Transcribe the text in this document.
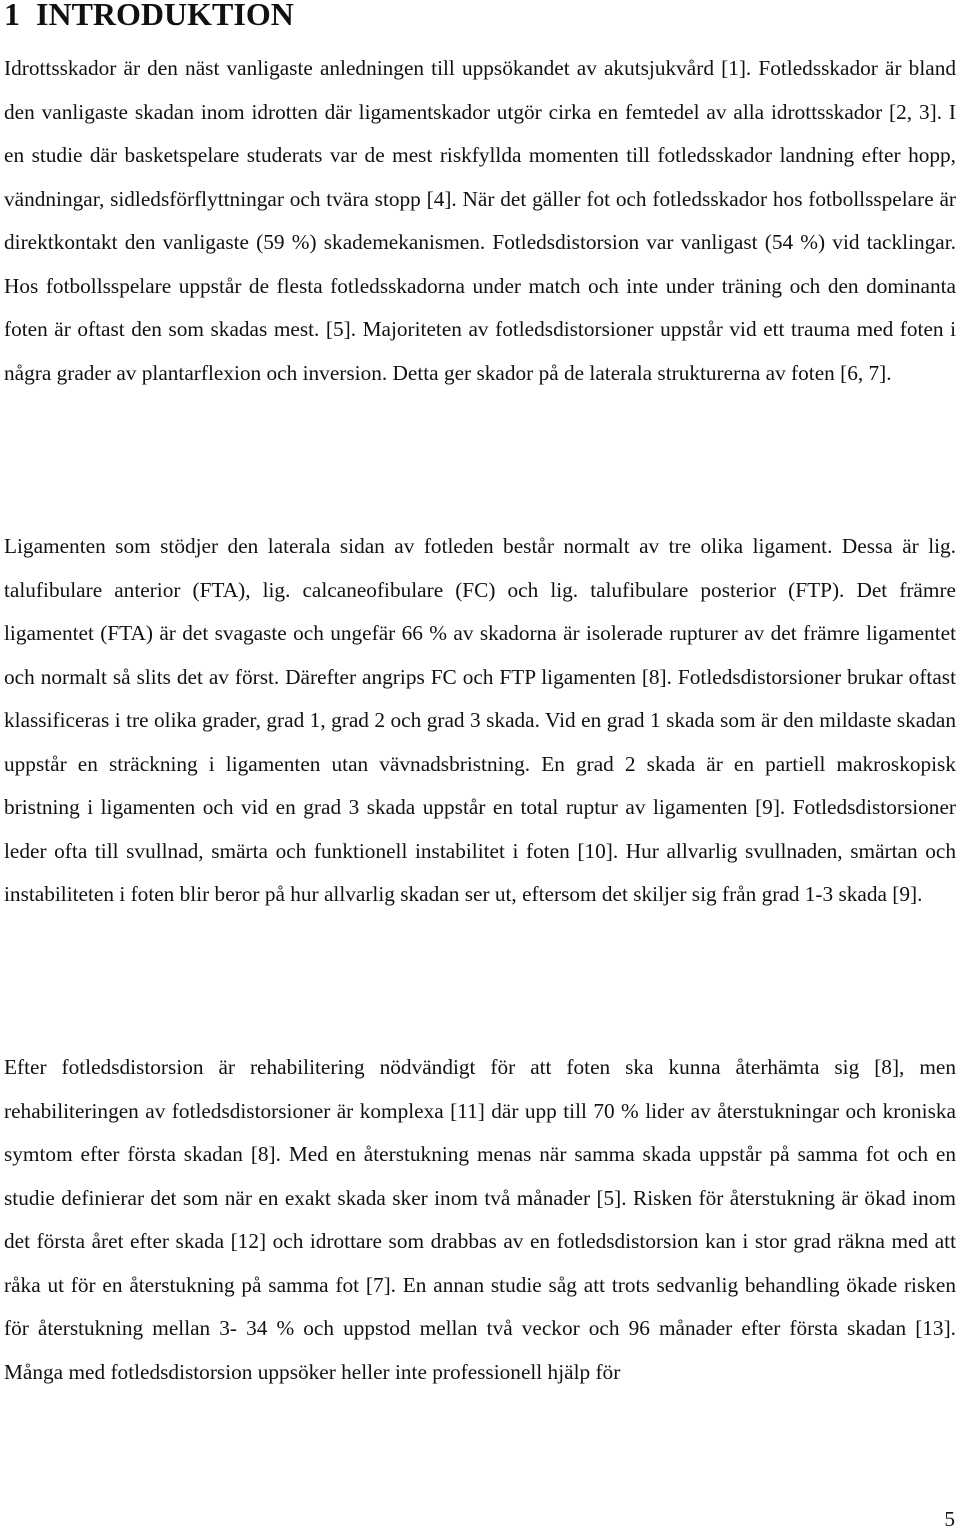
1 INTRODUKTION

Idrottsskador är den näst vanligaste anledningen till uppsökandet av akutsjukvård [1]. Fotledsskador är bland den vanligaste skadan inom idrotten där ligamentskador utgör cirka en femtedel av alla idrottsskador [2, 3]. I en studie där basketspelare studerats var de mest riskfyllda momenten till fotledsskador landning efter hopp, vändningar, sidledsförflyttningar och tvära stopp [4]. När det gäller fot och fotledsskador hos fotbollsspelare är direktkontakt den vanligaste (59 %) skademekanismen. Fotledsdistorsion var vanligast (54 %) vid tacklingar. Hos fotbollsspelare uppstår de flesta fotledsskadorna under match och inte under träning och den dominanta foten är oftast den som skadas mest. [5]. Majoriteten av fotledsdistorsioner uppstår vid ett trauma med foten i några grader av plantarflexion och inversion. Detta ger skador på de laterala strukturerna av foten [6, 7].

Ligamenten som stödjer den laterala sidan av fotleden består normalt av tre olika ligament. Dessa är lig. talufibulare anterior (FTA), lig. calcaneofibulare (FC) och lig. talufibulare posterior (FTP). Det främre ligamentet (FTA) är det svagaste och ungefär 66 % av skadorna är isolerade rupturer av det främre ligamentet och normalt så slits det av först. Därefter angrips FC och FTP ligamenten [8]. Fotledsdistorsioner brukar oftast klassificeras i tre olika grader, grad 1, grad 2 och grad 3 skada. Vid en grad 1 skada som är den mildaste skadan uppstår en sträckning i ligamenten utan vävnadsbristning. En grad 2 skada är en partiell makroskopisk bristning i ligamenten och vid en grad 3 skada uppstår en total ruptur av ligamenten [9]. Fotledsdistorsioner leder ofta till svullnad, smärta och funktionell instabilitet i foten [10]. Hur allvarlig svullnaden, smärtan och instabiliteten i foten blir beror på hur allvarlig skadan ser ut, eftersom det skiljer sig från grad 1-3 skada [9].

Efter fotledsdistorsion är rehabilitering nödvändigt för att foten ska kunna återhämta sig [8], men rehabiliteringen av fotledsdistorsioner är komplexa [11] där upp till 70 % lider av återstukningar och kroniska symtom efter första skadan [8]. Med en återstukning menas när samma skada uppstår på samma fot och en studie definierar det som när en exakt skada sker inom två månader [5]. Risken för återstukning är ökad inom det första året efter skada [12] och idrottare som drabbas av en fotledsdistorsion kan i stor grad räkna med att råka ut för en återstukning på samma fot [7]. En annan studie såg att trots sedvanlig behandling ökade risken för återstukning mellan 3- 34 % och uppstod mellan två veckor och 96 månader efter första skadan [13]. Många med fotledsdistorsion uppsöker heller inte professionell hjälp för

5
